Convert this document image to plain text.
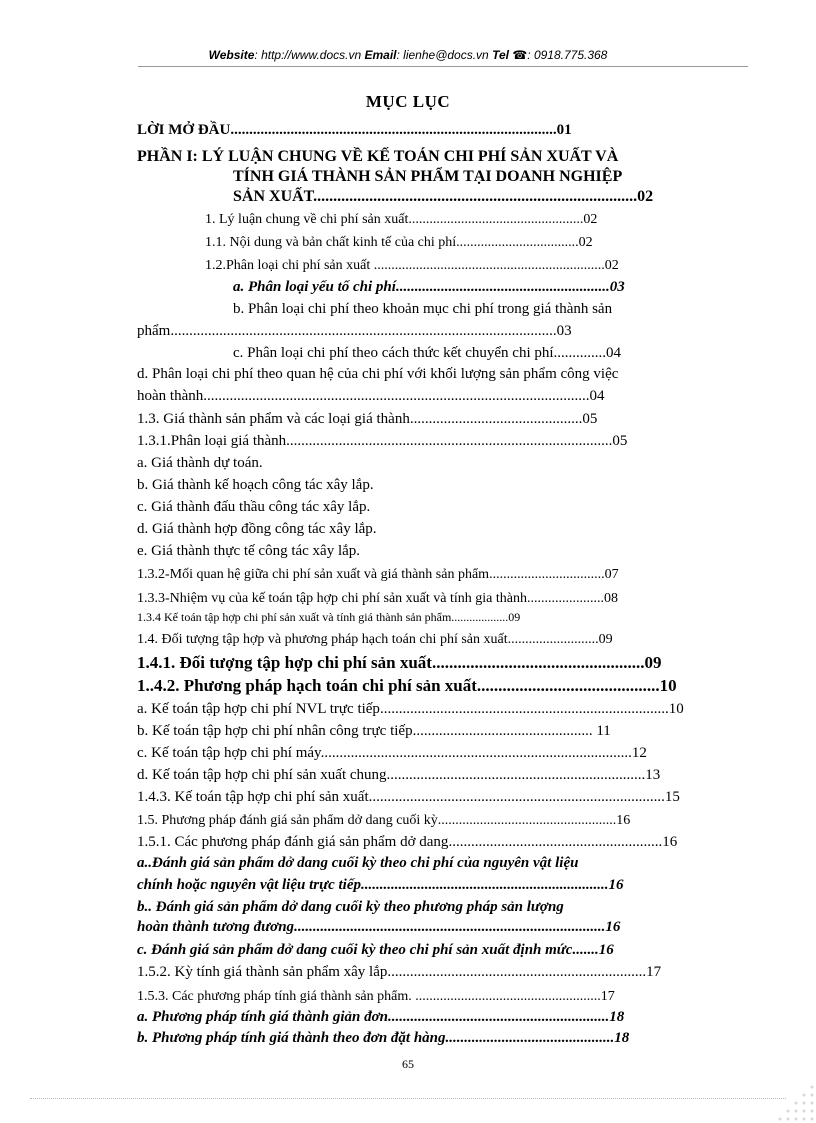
Website: http://www.docs.vn Email: lienhe@docs.vn Tel ☎: 0918.775.368
MỤC LỤC
LỜI MỞ ĐẦU.......................................................................................01
PHẦN I: LÝ LUẬN CHUNG VỀ KẾ TOÁN CHI PHÍ SẢN XUẤT VÀ
TÍNH GIÁ THÀNH SẢN PHẨM TẠI DOANH NGHIỆP
SẢN XUẤT.................................................................................02
1. Lý luận chung về chi phí sản xuất..................................................02
1.1. Nội dung và bản chất kinh tế của chi phí...................................02
1.2.Phân loại chi phí sản xuất ..................................................................02
a. Phân loại yếu tố chi phí.........................................................03
b. Phân loại chi phí theo khoản mục chi phí trong giá thành sản
phẩm.......................................................................................................03
c. Phân loại chi phí theo cách thức kết chuyển chi phí..............04
d. Phân loại chi phí theo quan hệ của chi phí với khối lượng sản phẩm công việc
hoàn thành.......................................................................................................04
1.3. Giá thành sản phẩm và các loại giá thành..............................................05
1.3.1.Phân loại giá thành.......................................................................................05
a. Giá thành dự toán.
b. Giá thành kế hoạch công tác xây lắp.
c. Giá thành đấu thầu công tác xây lắp.
d. Giá thành hợp đồng công tác xây lắp.
e. Giá thành thực tế công tác xây lắp.
1.3.2-Mối quan hệ giữa chi phí sản xuất và giá thành sản phẩm.................................07
1.3.3-Nhiệm vụ của kế toán tập hợp chi phí sản xuất và tính gia thành......................08
1.3.4 Kế toán tập hợp chi phí sản xuất và tính giá thành sản phẩm...................09
1.4. Đối tượng tập hợp và phương pháp hạch toán chi phí sản xuất..........................09
1.4.1. Đối tượng tập hợp chi phí sản xuất..................................................09
1..4.2. Phương pháp hạch toán chi phí sản xuất...........................................10
a. Kế toán tập hợp chi phí NVL trực tiếp.............................................................................10
b. Kế toán tập hợp chi phí nhân công trực tiếp................................................ 11
c. Kế toán tập hợp chi phí máy...................................................................................12
d. Kế toán tập hợp chi phí sản xuất chung.....................................................................13
1.4.3. Kế toán tập hợp chi phí sản xuất...............................................................................15
1.5. Phương pháp đánh giá sản phẩm dở dang cuối kỳ...................................................16
1.5.1. Các phương pháp đánh giá sản phẩm dở dang.........................................................16
a..Đánh giá sản phẩm dở dang cuối kỳ theo chi phí của nguyên vật liệu
chính hoặc nguyên vật liệu trực tiếp..................................................................16
b.. Đánh giá sản phẩm dở dang cuối kỳ theo phương pháp sản lượng
hoàn thành tương đương...................................................................................16
c. Đánh giá sản phẩm dở dang cuối kỳ theo chi phí sản xuất định mức.......16
1.5.2. Kỳ tính giá thành sản phẩm xây lắp.....................................................................17
1.5.3. Các phương pháp tính giá thành sản phẩm. .....................................................17
a. Phương pháp tính giá thành giản đơn...........................................................18
b. Phương pháp tính giá thành theo đơn đặt hàng.............................................18
65
